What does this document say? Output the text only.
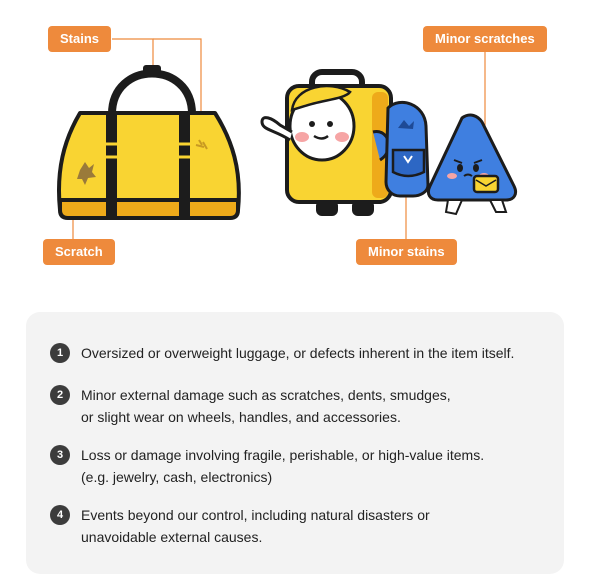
Stains
Scratch
Minor scratches
Minor stains
1	Oversized or overweight luggage, or defects inherent in the item itself.
2	Minor external damage such as scratches, dents, smudges,
or slight wear on wheels, handles, and accessories.
3	Loss or damage involving fragile, perishable, or high-value items.
(e.g. jewelry, cash, electronics)
4	Events beyond our control, including natural disasters or
unavoidable external causes.
